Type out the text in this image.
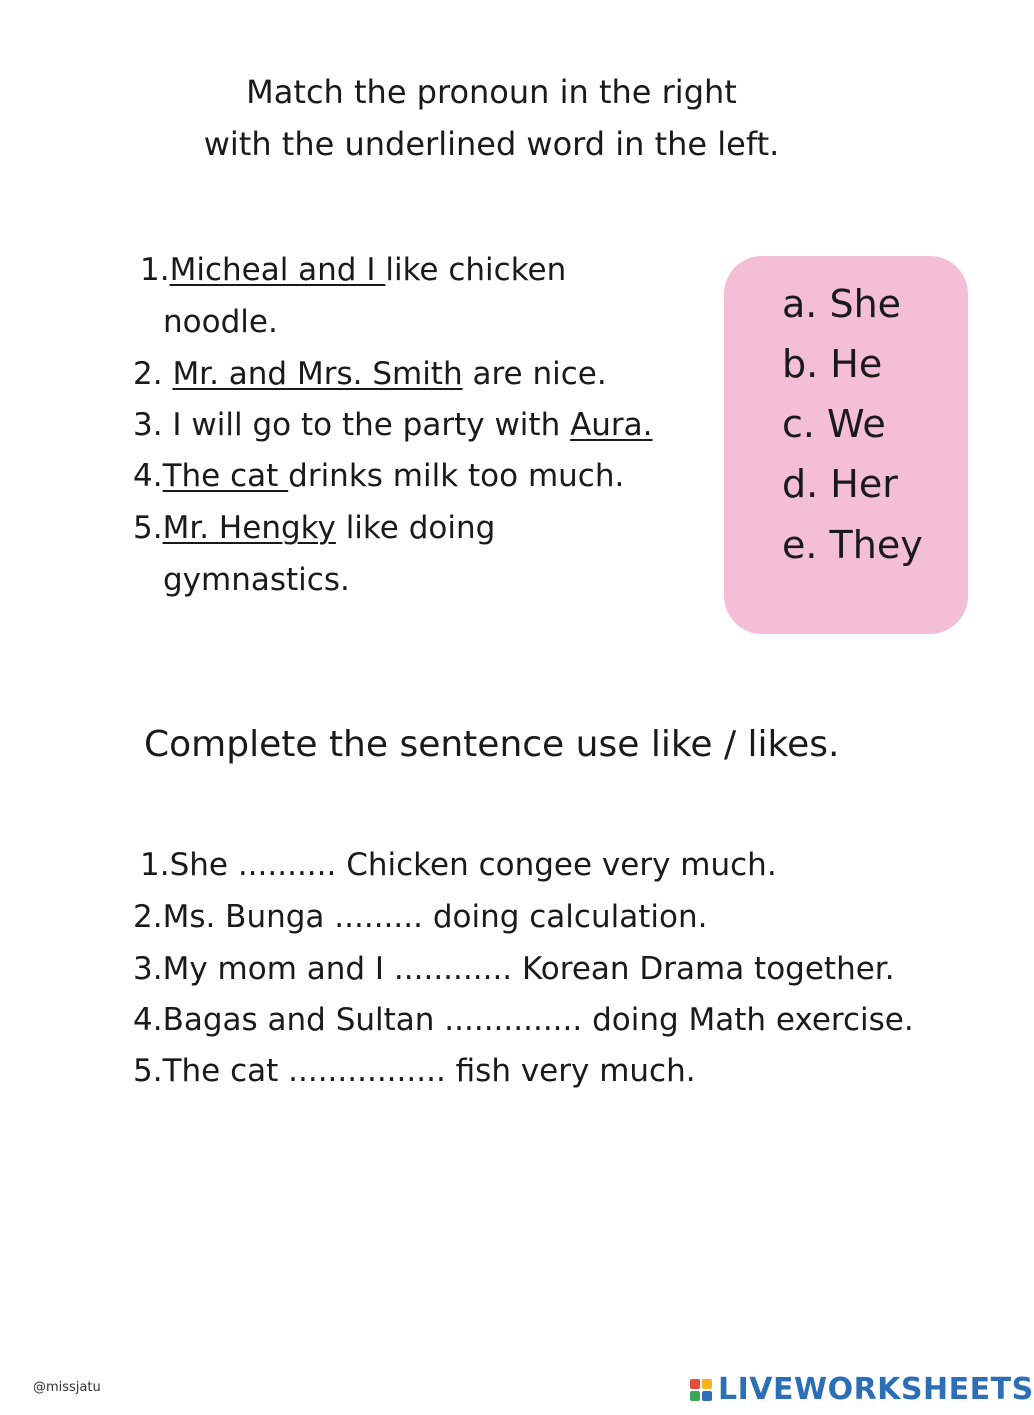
Match the pronoun in the right
with the underlined word in the left.
1.Micheal and I like chicken
noodle.
2. Mr. and Mrs. Smith are nice.
3. I will go to the party with Aura.
4.The cat drinks milk too much.
5.Mr. Hengky like doing
gymnastics.
a. She
b. He
c. We
d. Her
e. They
Complete the sentence use like / likes.
1.She .......... Chicken congee very much.
2.Ms. Bunga ......... doing calculation.
3.My mom and I ............ Korean Drama together.
4.Bagas and Sultan .............. doing Math exercise.
5.The cat ................ fish very much.
@missjatu	LIVEWORKSHEETS
